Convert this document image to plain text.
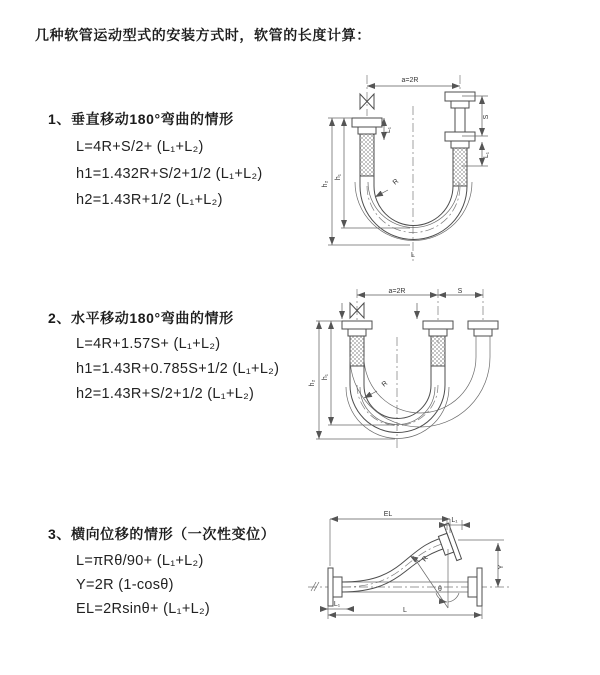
几种软管运动型式的安装方式时，软管的长度计算：
1、垂直移动180°弯曲的情形
L=4R+S/2+ (L₁+L₂)
h1=1.432R+S/2+1/2 (L₁+L₂)
h2=1.43R+1/2 (L₁+L₂)
a=2R
h₂
h₁
L₁
S
L₁
R
L
2、水平移动180°弯曲的情形
L=4R+1.57S+ (L₁+L₂)
h1=1.43R+0.785S+1/2 (L₁+L₂)
h2=1.43R+S/2+1/2 (L₁+L₂)
a=2R	S
h₂
h₁
R
3、横向位移的情形（一次性变位）
L=πRθ/90+ (L₁+L₂)
Y=2R (1-cosθ)
EL=2Rsinθ+ (L₁+L₂)
EL
L₁
Y
L
L₁
R
θ
